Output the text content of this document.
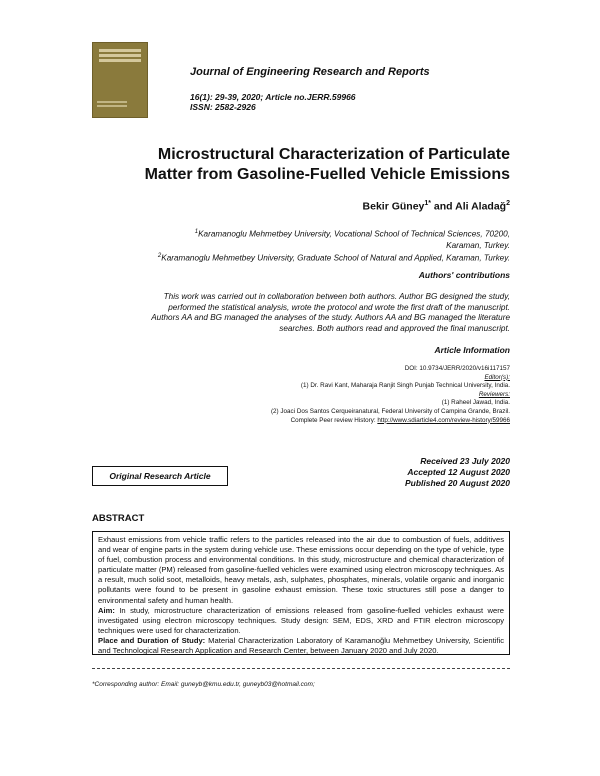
Journal of Engineering Research and Reports
16(1): 29-39, 2020; Article no.JERR.59966
ISSN: 2582-2926
Microstructural Characterization of Particulate
Matter from Gasoline-Fuelled Vehicle Emissions
Bekir Güney$^{1*}$ and Ali Aladağ$^2$
$^1$Karamanoglu Mehmetbey University, Vocational School of Technical Sciences, 70200,
Karaman, Turkey.
$^2$Karamanoglu Mehmetbey University, Graduate School of Natural and Applied, Karaman, Turkey.
Authors' contributions
This work was carried out in collaboration between both authors. Author BG designed the study,
performed the statistical analysis, wrote the protocol and wrote the first draft of the manuscript.
Authors AA and BG managed the analyses of the study. Authors AA and BG managed the literature
searches. Both authors read and approved the final manuscript.
Article Information
DOI: 10.9734/JERR/2020/v16i117157
Editor(s):
(1) Dr. Ravi Kant, Maharaja Ranjit Singh Punjab Technical University, India.
Reviewers:
(1) Raheel Jawad, India.
(2) Joaci Dos Santos Cerqueiranatural, Federal University of Campina Grande, Brazil.
Complete Peer review History: http://www.sdiarticle4.com/review-history/59966
Original Research Article
Received 23 July 2020
Accepted 12 August 2020
Published 20 August 2020
ABSTRACT

Exhaust emissions from vehicle traffic refers to the particles released into the air due to combustion of fuels, additives and wear of engine parts in the system during vehicle use. These emissions occur depending on the type of vehicle, type of fuel, combustion process and environmental conditions. In this study, microstructure and chemical characterization of particulate matter (PM) released from gasoline-fuelled vehicles were examined using electron microscopy techniques. As a result, much solid soot, metalloids, heavy metals, ash, sulphates, phosphates, minerals, volatile organic and inorganic pollutants were found to be present in gasoline exhaust emission. These toxic structures still pose a danger to environmental safety and human health.

Aim: In study, microstructure characterization of emissions released from gasoline-fuelled vehicles exhaust were investigated using electron microscopy techniques. Study design: SEM, EDS, XRD and FTIR electron microscopy techniques were used for characterization.

Place and Duration of Study: Material Characterization Laboratory of Karamanoğlu Mehmetbey University, Scientific and Technological Research Application and Research Center, between January 2020 and July 2020.

*Corresponding author: Email: guneyb@kmu.edu.tr, guneyb03@hotmail.com;
